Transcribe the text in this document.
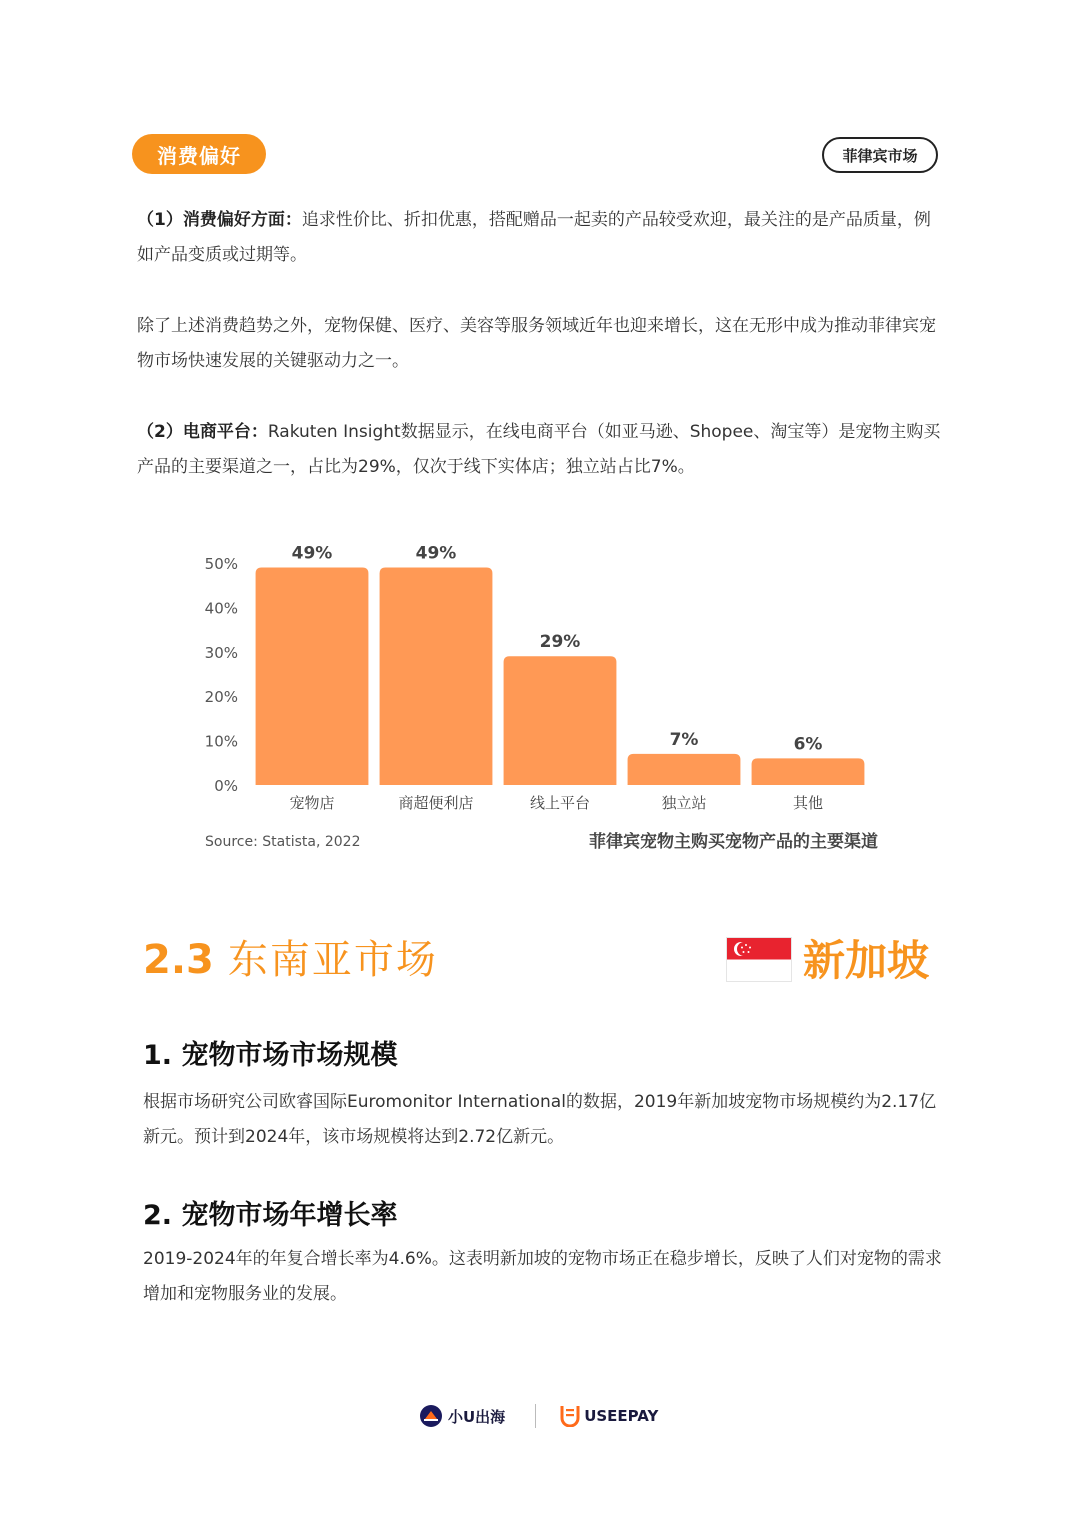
消费偏好	菲律宾市场
（1）消费偏好方面：追求性价比、折扣优惠，搭配赠品一起卖的产品较受欢迎，最关注的是产品质量，例如产品变质或过期等。
除了上述消费趋势之外，宠物保健、医疗、美容等服务领域近年也迎来增长，这在无形中成为推动菲律宾宠物市场快速发展的关键驱动力之一。
（2）电商平台：Rakuten Insight数据显示，在线电商平台（如亚马逊、Shopee、淘宝等）是宠物主购买产品的主要渠道之一，占比为29%，仅次于线下实体店；独立站占比7%。
0%
10%
20%
30%
40%
50%
49%
宠物店
49%
商超便利店
29%
线上平台
7%
独立站
6%
其他
Source: Statista, 2022	菲律宾宠物主购买宠物产品的主要渠道
2.3 东南亚市场	新加坡
1. 宠物市场市场规模
根据市场研究公司欧睿国际Euromonitor International的数据，2019年新加坡宠物市场规模约为2.17亿新元。预计到2024年，该市场规模将达到2.72亿新元。
2. 宠物市场年增长率
2019-2024年的年复合增长率为4.6%。这表明新加坡的宠物市场正在稳步增长，反映了人们对宠物的需求增加和宠物服务业的发展。
小U出海	USEEPAY
